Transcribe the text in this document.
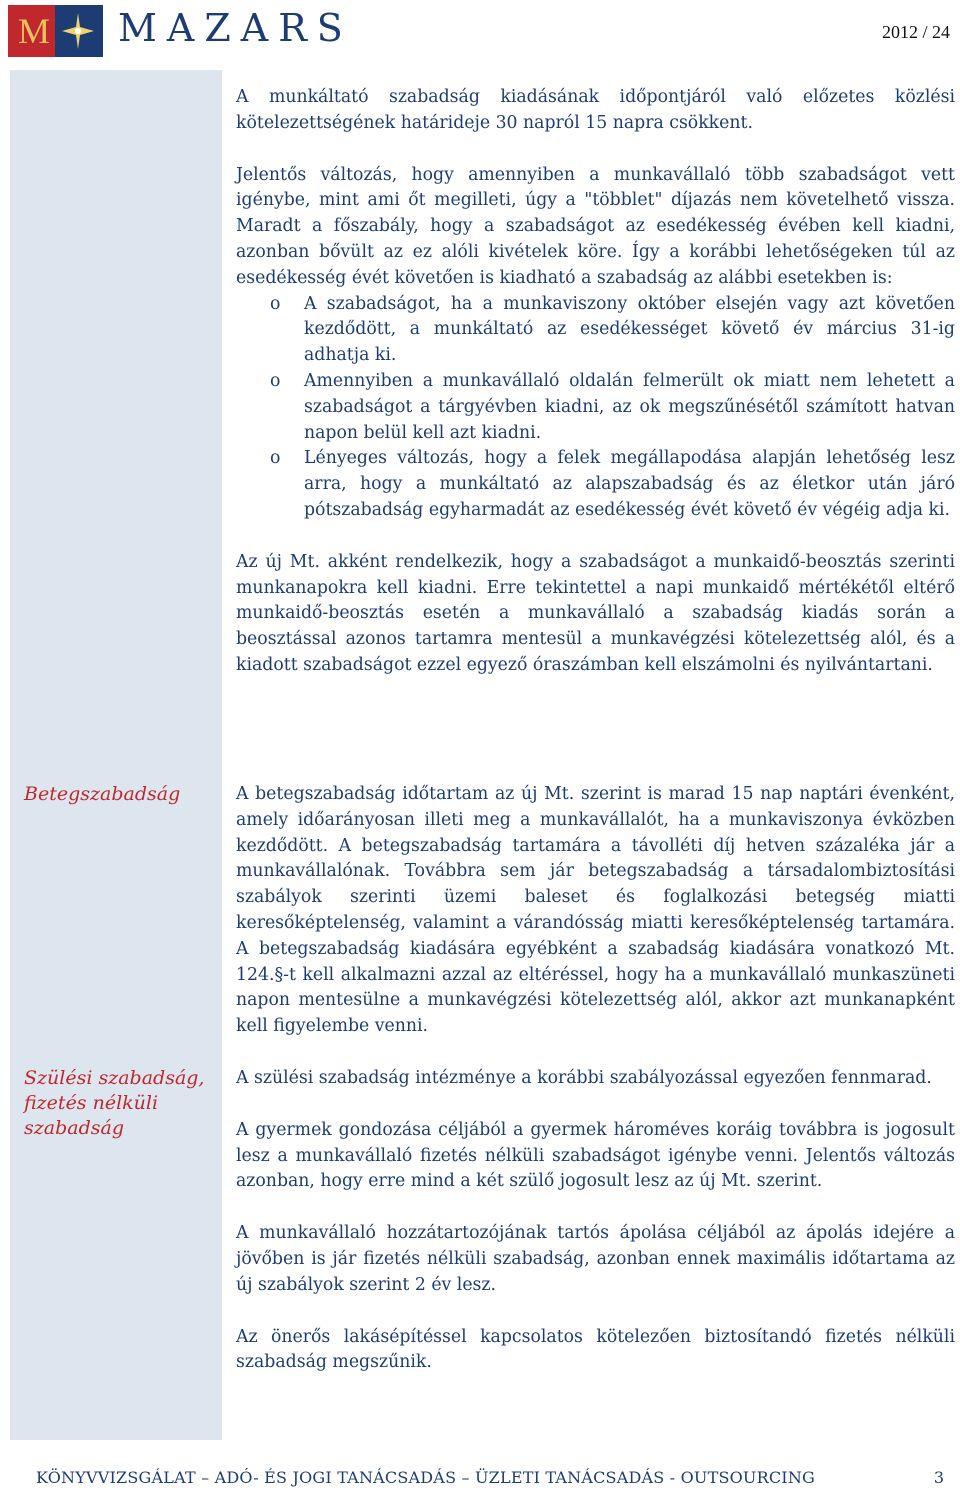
M MAZARS	2012 / 24
Betegszabadság
Szülési szabadság, fizetés nélküli szabadság

A munkáltató szabadság kiadásának időpontjáról való előzetes közlési kötelezettségének határideje 30 napról 15 napra csökkent.

Jelentős változás, hogy amennyiben a munkavállaló több szabadságot vett igénybe, mint ami őt megilleti, úgy a "többlet" díjazás nem követelhető vissza. Maradt a főszabály, hogy a szabadságot az esedékesség évében kell kiadni, azonban bővült az ez alóli kivételek köre. Így a korábbi lehetőségeken túl az esedékesség évét követően is kiadható a szabadság az alábbi esetekben is:

o A szabadságot, ha a munkaviszony október elsején vagy azt követően kezdődött, a munkáltató az esedékességet követő év március 31-ig adhatja ki.
o Amennyiben a munkavállaló oldalán felmerült ok miatt nem lehetett a szabadságot a tárgyévben kiadni, az ok megszűnésétől számított hatvan napon belül kell azt kiadni.
o Lényeges változás, hogy a felek megállapodása alapján lehetőség lesz arra, hogy a munkáltató az alapszabadság és az életkor után járó pótszabadság egyharmadát az esedékesség évét követő év végéig adja ki.

Az új Mt. akként rendelkezik, hogy a szabadságot a munkaidő-beosztás szerinti munkanapokra kell kiadni. Erre tekintettel a napi munkaidő mértékétől eltérő munkaidő-beosztás esetén a munkavállaló a szabadság kiadás során a beosztással azonos tartamra mentesül a munkavégzési kötelezettség alól, és a kiadott szabadságot ezzel egyező óraszámban kell elszámolni és nyilvántartani.

A betegszabadság időtartam az új Mt. szerint is marad 15 nap naptári évenként, amely időarányosan illeti meg a munkavállalót, ha a munkaviszonya évközben kezdődött. A betegszabadság tartamára a távolléti díj hetven százaléka jár a munkavállalónak. Továbbra sem jár betegszabadság a társadalombiztosítási szabályok szerinti üzemi baleset és foglalkozási betegség miatti keresőképtelenség, valamint a várandósság miatti keresőképtelenség tartamára. A betegszabadság kiadására egyébként a szabadság kiadására vonatkozó Mt. 124.§-t kell alkalmazni azzal az eltéréssel, hogy ha a munkavállaló munkaszüneti napon mentesülne a munkavégzési kötelezettség alól, akkor azt munkanapként kell figyelembe venni.

A szülési szabadság intézménye a korábbi szabályozással egyezően fennmarad.

A gyermek gondozása céljából a gyermek hároméves koráig továbbra is jogosult lesz a munkavállaló fizetés nélküli szabadságot igénybe venni. Jelentős változás azonban, hogy erre mind a két szülő jogosult lesz az új Mt. szerint.

A munkavállaló hozzátartozójának tartós ápolása céljából az ápolás idejére a jövőben is jár fizetés nélküli szabadság, azonban ennek maximális időtartama az új szabályok szerint 2 év lesz.

Az önerős lakásépítéssel kapcsolatos kötelezően biztosítandó fizetés nélküli szabadság megszűnik.

KÖNYVVIZSGÁLAT – ADÓ- ÉS JOGI TANÁCSADÁS – ÜZLETI TANÁCSADÁS - OUTSOURCING	3
